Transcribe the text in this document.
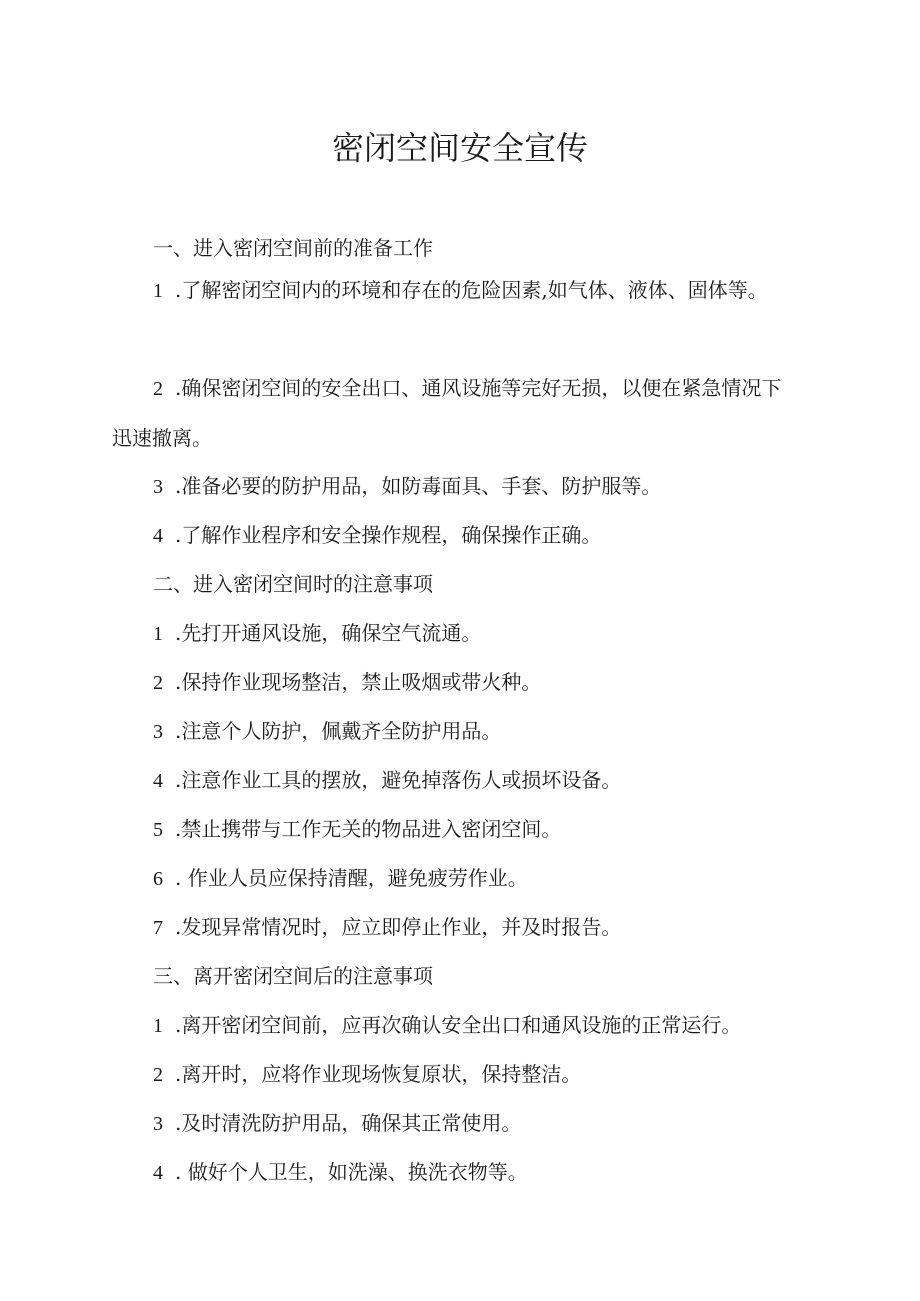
密闭空间安全宣传

一、进入密闭空间前的准备工作

1 .了解密闭空间内的环境和存在的危险因素,如气体、液体、固体等。

2 .确保密闭空间的安全出口、通风设施等完好无损，以便在紧急情况下迅速撤离。

3 .准备必要的防护用品，如防毒面具、手套、防护服等。

4 .了解作业程序和安全操作规程，确保操作正确。

二、进入密闭空间时的注意事项

1 .先打开通风设施，确保空气流通。

2 .保持作业现场整洁，禁止吸烟或带火种。

3 .注意个人防护，佩戴齐全防护用品。

4 .注意作业工具的摆放，避免掉落伤人或损坏设备。

5 .禁止携带与工作无关的物品进入密闭空间。

6 . 作业人员应保持清醒，避免疲劳作业。

7 .发现异常情况时，应立即停止作业，并及时报告。

三、离开密闭空间后的注意事项

1 .离开密闭空间前，应再次确认安全出口和通风设施的正常运行。

2 .离开时，应将作业现场恢复原状，保持整洁。

3 .及时清洗防护用品，确保其正常使用。

4 . 做好个人卫生，如洗澡、换洗衣物等。
